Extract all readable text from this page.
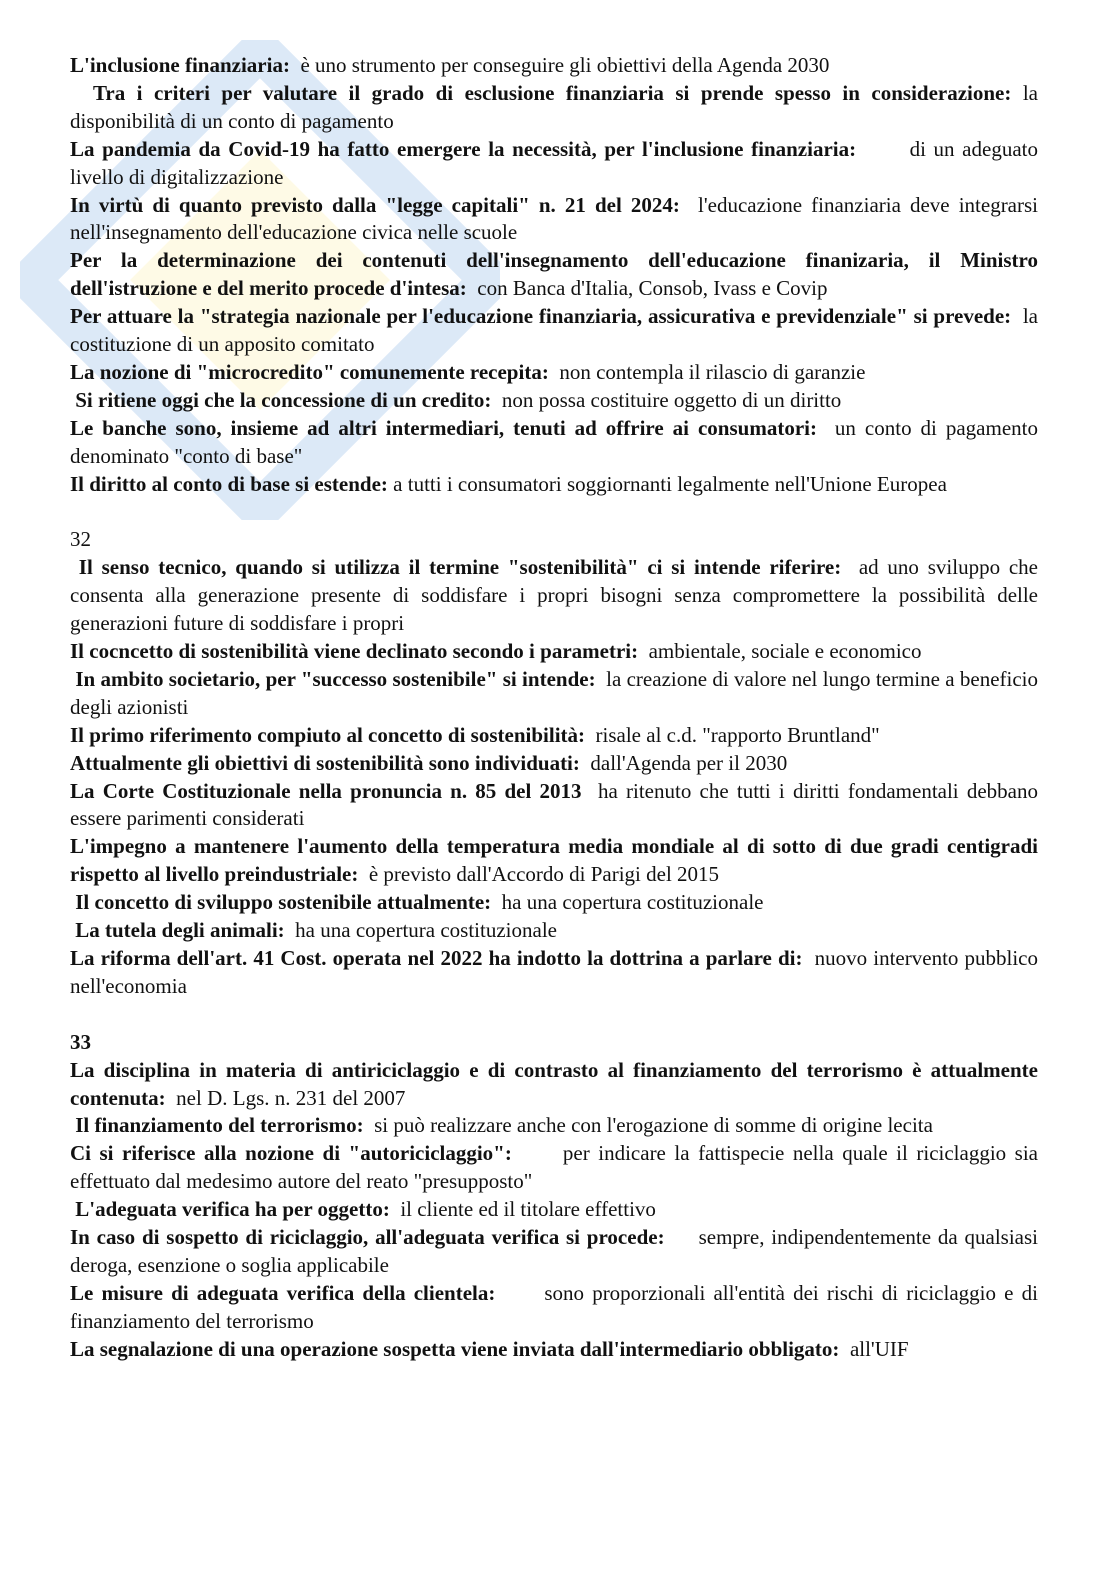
L'inclusione finanziaria:  è uno strumento per conseguire gli obiettivi della Agenda 2030

Tra i criteri per valutare il grado di esclusione finanziaria si prende spesso in considerazione: la disponibilità di un conto di pagamento

La pandemia da Covid-19 ha fatto emergere la necessità, per l'inclusione finanziaria:       di un adeguato livello di digitalizzazione

In virtù di quanto previsto dalla "legge capitali" n. 21 del 2024:  l'educazione finanziaria deve integrarsi nell'insegnamento dell'educazione civica nelle scuole

Per la determinazione dei contenuti dell'insegnamento dell'educazione finanizaria, il Ministro dell'istruzione e del merito procede d'intesa:  con Banca d'Italia, Consob, Ivass e Covip

Per attuare la "strategia nazionale per l'educazione finanziaria, assicurativa e previdenziale" si prevede:  la costituzione di un apposito comitato

La nozione di "microcredito" comunemente recepita:  non contempla il rilascio di garanzie

Si ritiene oggi che la concessione di un credito:  non possa costituire oggetto di un diritto

Le banche sono, insieme ad altri intermediari, tenuti ad offrire ai consumatori:  un conto di pagamento denominato "conto di base"

Il diritto al conto di base si estende: a tutti i consumatori soggiornanti legalmente nell'Unione Europea

32

Il senso tecnico, quando si utilizza il termine "sostenibilità" ci si intende riferire:  ad uno sviluppo che consenta alla generazione presente di soddisfare i propri bisogni senza compromettere la possibilità delle generazioni future di soddisfare i propri

Il cocncetto di sostenibilità viene declinato secondo i parametri:  ambientale, sociale e economico

In ambito societario, per "successo sostenibile" si intende:  la creazione di valore nel lungo termine a beneficio degli azionisti

Il primo riferimento compiuto al concetto di sostenibilità:  risale al c.d. "rapporto Bruntland"

Attualmente gli obiettivi di sostenibilità sono individuati:  dall'Agenda per il 2030

La Corte Costituzionale nella pronuncia n. 85 del 2013  ha ritenuto che tutti i diritti fondamentali debbano essere parimenti considerati

L'impegno a mantenere l'aumento della temperatura media mondiale al di sotto di due gradi centigradi rispetto al livello preindustriale:  è previsto dall'Accordo di Parigi del 2015

Il concetto di sviluppo sostenibile attualmente:  ha una copertura costituzionale

La tutela degli animali:  ha una copertura costituzionale

La riforma dell'art. 41 Cost. operata nel 2022 ha indotto la dottrina a parlare di:  nuovo intervento pubblico nell'economia

33

La disciplina in materia di antiriciclaggio e di contrasto al finanziamento del terrorismo è attualmente contenuta:  nel D. Lgs. n. 231 del 2007

Il finanziamento del terrorismo:  si può realizzare anche con l'erogazione di somme di origine lecita

Ci si riferisce alla nozione di "autoriciclaggio":      per indicare la fattispecie nella quale il riciclaggio sia effettuato dal medesimo autore del reato "presupposto"

L'adeguata verifica ha per oggetto:  il cliente ed il titolare effettivo

In caso di sospetto di riciclaggio, all'adeguata verifica si procede:     sempre, indipendentemente da qualsiasi deroga, esenzione o soglia applicabile

Le misure di adeguata verifica della clientela:      sono proporzionali all'entità dei rischi di riciclaggio e di finanziamento del terrorismo

La segnalazione di una operazione sospetta viene inviata dall'intermediario obbligato:  all'UIF
